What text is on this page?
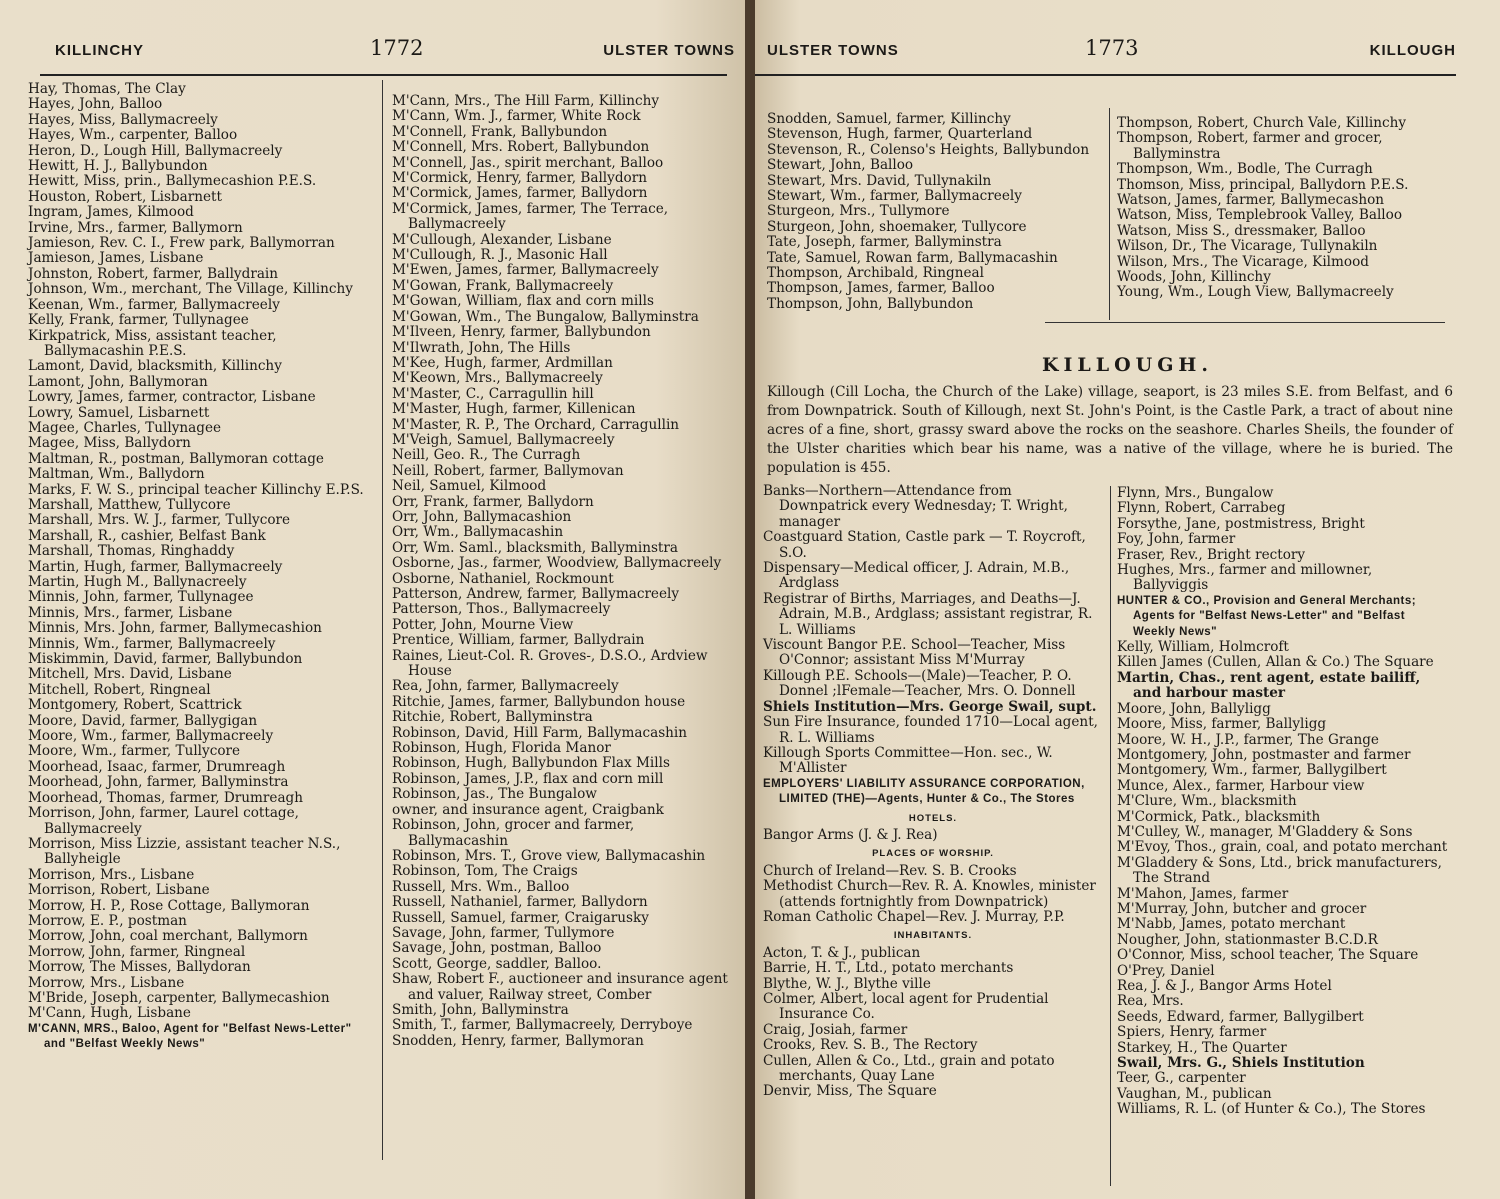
KILLINCHY	1772	ULSTER TOWNS
Hay, Thomas, The Clay
Hayes, John, Balloo
Hayes, Miss, Ballymacreely
Hayes, Wm., carpenter, Balloo
Heron, D., Lough Hill, Ballymacreely
Hewitt, H. J., Ballybundon
Hewitt, Miss, prin., Ballymecashion P.E.S.
Houston, Robert, Lisbarnett
Ingram, James, Kilmood
Irvine, Mrs., farmer, Ballymorn
Jamieson, Rev. C. I., Frew park, Ballymorran
Jamieson, James, Lisbane
Johnston, Robert, farmer, Ballydrain
Johnson, Wm., merchant, The Village, Killinchy
Keenan, Wm., farmer, Ballymacreely
Kelly, Frank, farmer, Tullynagee
Kirkpatrick, Miss, assistant teacher, Ballymacashin P.E.S.
Lamont, David, blacksmith, Killinchy
Lamont, John, Ballymoran
Lowry, James, farmer, contractor, Lisbane
Lowry, Samuel, Lisbarnett
Magee, Charles, Tullynagee
Magee, Miss, Ballydorn
Maltman, R., postman, Ballymoran cottage
Maltman, Wm., Ballydorn
Marks, F. W. S., principal teacher Killinchy E.P.S.
Marshall, Matthew, Tullycore
Marshall, Mrs. W. J., farmer, Tullycore
Marshall, R., cashier, Belfast Bank
Marshall, Thomas, Ringhaddy
Martin, Hugh, farmer, Ballymacreely
Martin, Hugh M., Ballynacreely
Minnis, John, farmer, Tullynagee
Minnis, Mrs., farmer, Lisbane
Minnis, Mrs. John, farmer, Ballymecashion
Minnis, Wm., farmer, Ballymacreely
Miskimmin, David, farmer, Ballybundon
Mitchell, Mrs. David, Lisbane
Mitchell, Robert, Ringneal
Montgomery, Robert, Scattrick
Moore, David, farmer, Ballygigan
Moore, Wm., farmer, Ballymacreely
Moore, Wm., farmer, Tullycore
Moorhead, Isaac, farmer, Drumreagh
Moorhead, John, farmer, Ballyminstra
Moorhead, Thomas, farmer, Drumreagh
Morrison, John, farmer, Laurel cottage, Ballymacreely
Morrison, Miss Lizzie, assistant teacher N.S., Ballyheigle
Morrison, Mrs., Lisbane
Morrison, Robert, Lisbane
Morrow, H. P., Rose Cottage, Ballymoran
Morrow, E. P., postman
Morrow, John, coal merchant, Ballymorn
Morrow, John, farmer, Ringneal
Morrow, The Misses, Ballydoran
Morrow, Mrs., Lisbane
M'Bride, Joseph, carpenter, Ballymecashion
M'Cann, Hugh, Lisbane
M'CANN, MRS., Baloo, Agent for "Belfast News-Letter" and "Belfast Weekly News"
M'Cann, Mrs., The Hill Farm, Killinchy
M'Cann, Wm. J., farmer, White Rock
M'Connell, Frank, Ballybundon
M'Connell, Mrs. Robert, Ballybundon
M'Connell, Jas., spirit merchant, Balloo
M'Cormick, Henry, farmer, Ballydorn
M'Cormick, James, farmer, Ballydorn
M'Cormick, James, farmer, The Terrace, Ballymacreely
M'Cullough, Alexander, Lisbane
M'Cullough, R. J., Masonic Hall
M'Ewen, James, farmer, Ballymacreely
M'Gowan, Frank, Ballymacreely
M'Gowan, William, flax and corn mills
M'Gowan, Wm., The Bungalow, Ballyminstra
M'Ilveen, Henry, farmer, Ballybundon
M'Ilwrath, John, The Hills
M'Kee, Hugh, farmer, Ardmillan
M'Keown, Mrs., Ballymacreely
M'Master, C., Carragullin hill
M'Master, Hugh, farmer, Killenican
M'Master, R. P., The Orchard, Carragullin
M'Veigh, Samuel, Ballymacreely
Neill, Geo. R., The Curragh
Neill, Robert, farmer, Ballymovan
Neil, Samuel, Kilmood
Orr, Frank, farmer, Ballydorn
Orr, John, Ballymacashion
Orr, Wm., Ballymacashin
Orr, Wm. Saml., blacksmith, Ballyminstra
Osborne, Jas., farmer, Woodview, Ballymacreely
Osborne, Nathaniel, Rockmount
Patterson, Andrew, farmer, Ballymacreely
Patterson, Thos., Ballymacreely
Potter, John, Mourne View
Prentice, William, farmer, Ballydrain
Raines, Lieut-Col. R. Groves-, D.S.O., Ardview House
Rea, John, farmer, Ballymacreely
Ritchie, James, farmer, Ballybundon house
Ritchie, Robert, Ballyminstra
Robinson, David, Hill Farm, Ballymacashin
Robinson, Hugh, Florida Manor
Robinson, Hugh, Ballybundon Flax Mills
Robinson, James, J.P., flax and corn mill
Robinson, Jas., The Bungalow
owner, and insurance agent, Craigbank
Robinson, John, grocer and farmer, Ballymacashin
Robinson, Mrs. T., Grove view, Ballymacashin
Robinson, Tom, The Craigs
Russell, Mrs. Wm., Balloo
Russell, Nathaniel, farmer, Ballydorn
Russell, Samuel, farmer, Craigarusky
Savage, John, farmer, Tullymore
Savage, John, postman, Balloo
Scott, George, saddler, Balloo.
Shaw, Robert F., auctioneer and insurance agent and valuer, Railway street, Comber
Smith, John, Ballyminstra
Smith, T., farmer, Ballymacreely, Derryboye
Snodden, Henry, farmer, Ballymoran
ULSTER TOWNS	1773	KILLOUGH
Snodden, Samuel, farmer, Killinchy
Stevenson, Hugh, farmer, Quarterland
Stevenson, R., Colenso's Heights, Ballybundon
Stewart, John, Balloo
Stewart, Mrs. David, Tullynakiln
Stewart, Wm., farmer, Ballymacreely
Sturgeon, Mrs., Tullymore
Sturgeon, John, shoemaker, Tullycore
Tate, Joseph, farmer, Ballyminstra
Tate, Samuel, Rowan farm, Ballymacashin
Thompson, Archibald, Ringneal
Thompson, James, farmer, Balloo
Thompson, John, Ballybundon
Thompson, Robert, Church Vale, Killinchy
Thompson, Robert, farmer and grocer, Ballyminstra
Thompson, Wm., Bodle, The Curragh
Thomson, Miss, principal, Ballydorn P.E.S.
Watson, James, farmer, Ballymecashon
Watson, Miss, Templebrook Valley, Balloo
Watson, Miss S., dressmaker, Balloo
Wilson, Dr., The Vicarage, Tullynakiln
Wilson, Mrs., The Vicarage, Kilmood
Woods, John, Killinchy
Young, Wm., Lough View, Ballymacreely
KILLOUGH.
Killough (Cill Locha, the Church of the Lake) village, seaport, is 23 miles S.E. from Belfast, and 6 from Downpatrick. South of Killough, next St. John's Point, is the Castle Park, a tract of about nine acres of a fine, short, grassy sward above the rocks on the seashore. Charles Sheils, the founder of the Ulster charities which bear his name, was a native of the village, where he is buried. The population is 455.
Banks—Northern—Attendance from Downpatrick every Wednesday; T. Wright, manager
Coastguard Station, Castle park — T. Roycroft, S.O.
Dispensary—Medical officer, J. Adrain, M.B., Ardglass
Registrar of Births, Marriages, and Deaths—J. Adrain, M.B., Ardglass; assistant registrar, R. L. Williams
Viscount Bangor P.E. School—Teacher, Miss O'Connor; assistant Miss M'Murray
Killough P.E. Schools—(Male)—Teacher, P. O. Donnel ;lFemale—Teacher, Mrs. O. Donnell
Shiels Institution—Mrs. George Swail, supt.
Sun Fire Insurance, founded 1710—Local agent, R. L. Williams
Killough Sports Committee—Hon. sec., W. M'Allister
EMPLOYERS' LIABILITY ASSURANCE CORPORATION, LIMITED (THE)—Agents, Hunter & Co., The Stores
HOTELS.
Bangor Arms (J. & J. Rea)
PLACES OF WORSHIP.
Church of Ireland—Rev. S. B. Crooks
Methodist Church—Rev. R. A. Knowles, minister (attends fortnightly from Downpatrick)
Roman Catholic Chapel—Rev. J. Murray, P.P.
INHABITANTS.
Acton, T. & J., publican
Barrie, H. T., Ltd., potato merchants
Blythe, W. J., Blythe ville
Colmer, Albert, local agent for Prudential Insurance Co.
Craig, Josiah, farmer
Crooks, Rev. S. B., The Rectory
Cullen, Allen & Co., Ltd., grain and potato merchants, Quay Lane
Denvir, Miss, The Square
Flynn, Mrs., Bungalow
Flynn, Robert, Carrabeg
Forsythe, Jane, postmistress, Bright
Foy, John, farmer
Fraser, Rev., Bright rectory
Hughes, Mrs., farmer and millowner, Ballyviggis
HUNTER & CO., Provision and General Merchants; Agents for "Belfast News-Letter" and "Belfast Weekly News"
Kelly, William, Holmcroft
Killen James (Cullen, Allan & Co.) The Square
Martin, Chas., rent agent, estate bailiff, and harbour master
Moore, John, Ballyligg
Moore, Miss, farmer, Ballyligg
Moore, W. H., J.P., farmer, The Grange
Montgomery, John, postmaster and farmer
Montgomery, Wm., farmer, Ballygilbert
Munce, Alex., farmer, Harbour view
M'Clure, Wm., blacksmith
M'Cormick, Patk., blacksmith
M'Culley, W., manager, M'Gladdery & Sons
M'Evoy, Thos., grain, coal, and potato merchant
M'Gladdery & Sons, Ltd., brick manufacturers, The Strand
M'Mahon, James, farmer
M'Murray, John, butcher and grocer
M'Nabb, James, potato merchant
Nougher, John, stationmaster B.C.D.R
O'Connor, Miss, school teacher, The Square
O'Prey, Daniel
Rea, J. & J., Bangor Arms Hotel
Rea, Mrs.
Seeds, Edward, farmer, Ballygilbert
Spiers, Henry, farmer
Starkey, H., The Quarter
Swail, Mrs. G., Shiels Institution
Teer, G., carpenter
Vaughan, M., publican
Williams, R. L. (of Hunter & Co.), The Stores
